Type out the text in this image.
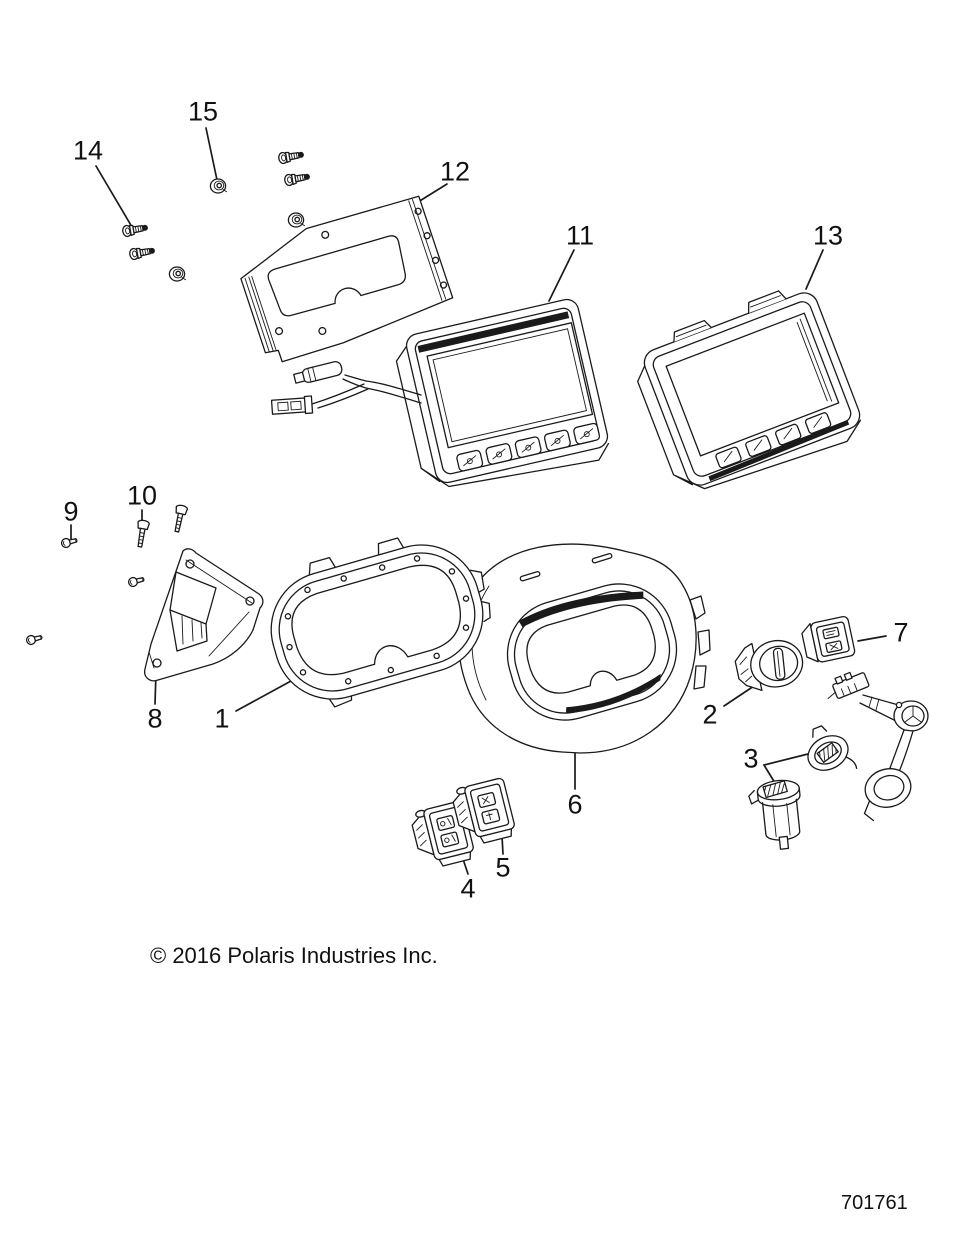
1	2
3
4
5
6
7
8
9
10
11
12
13
14
15
© 2016 Polaris Industries Inc.
701761
